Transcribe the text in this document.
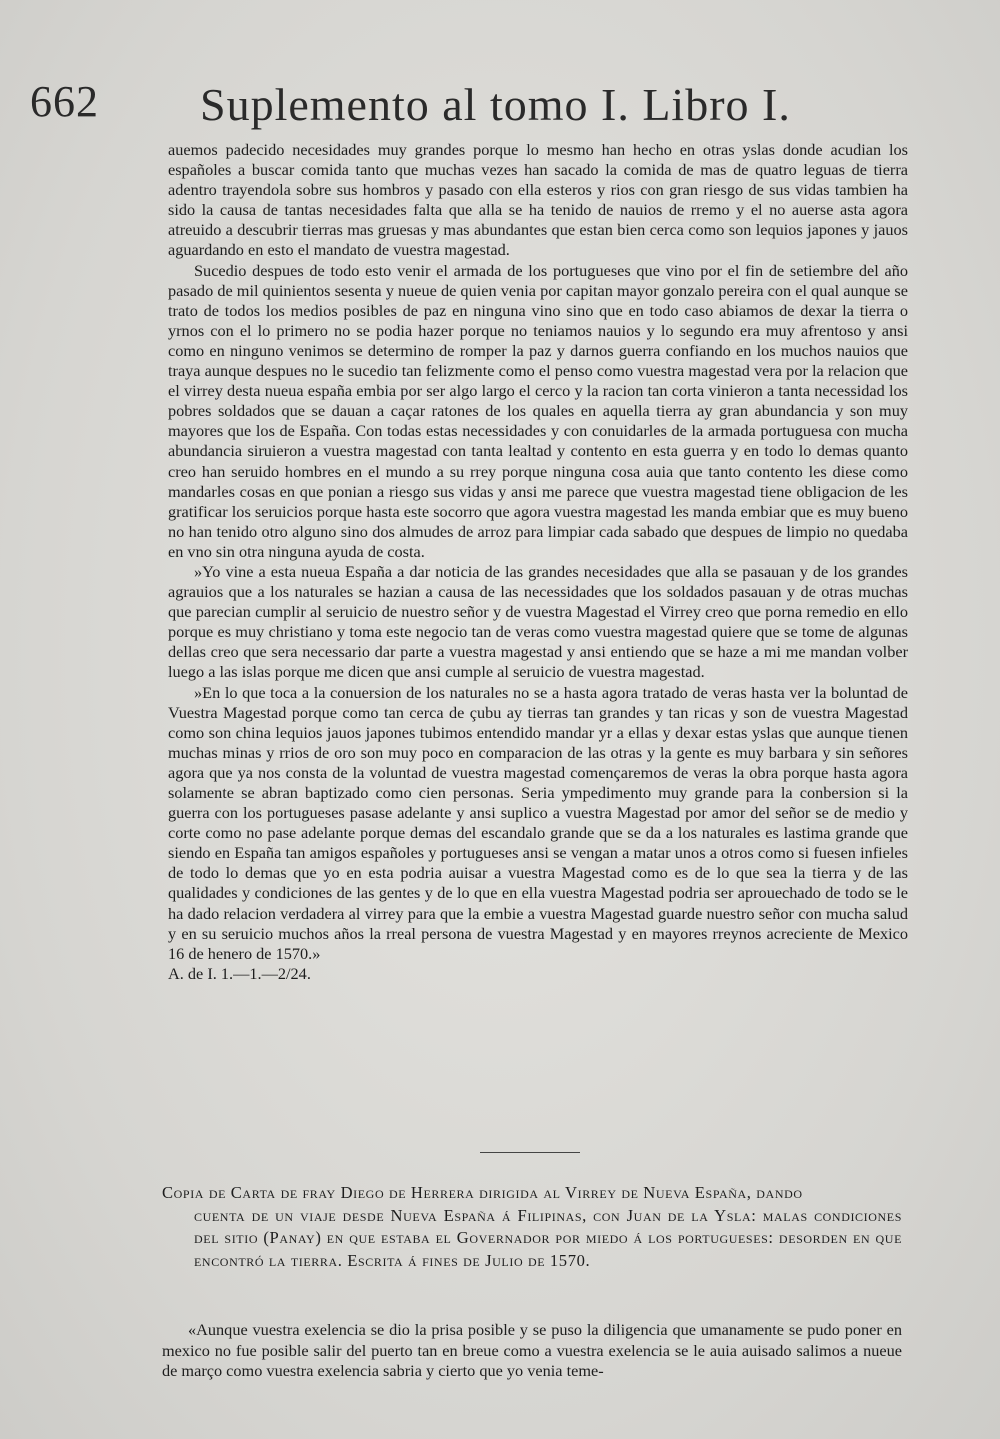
662 Suplemento al tomo I. Libro I.

auemos padecido necesidades muy grandes porque lo mesmo han hecho en otras yslas donde acudian los españoles a buscar comida tanto que muchas vezes han sacado la comida de mas de quatro leguas de tierra adentro trayendola sobre sus hombros y pasado con ella esteros y rios con gran riesgo de sus vidas tambien ha sido la causa de tantas necesidades falta que alla se ha tenido de nauios de rremo y el no auerse asta agora atreuido a descubrir tierras mas gruesas y mas abundantes que estan bien cerca como son lequios japones y jauos aguardando en esto el mandato de vuestra magestad.

Sucedio despues de todo esto venir el armada de los portugueses que vino por el fin de setiembre del año pasado de mil quinientos sesenta y nueue de quien venia por capitan mayor gonzalo pereira con el qual aunque se trato de todos los medios posibles de paz en ninguna vino sino que en todo caso abiamos de dexar la tierra o yrnos con el lo primero no se podia hazer porque no teniamos nauios y lo segundo era muy afrentoso y ansi como en ninguno venimos se determino de romper la paz y darnos guerra confiando en los muchos nauios que traya aunque despues no le sucedio tan felizmente como el penso como vuestra magestad vera por la relacion que el virrey desta nueua españa embia por ser algo largo el cerco y la racion tan corta vinieron a tanta necessidad los pobres soldados que se dauan a caçar ratones de los quales en aquella tierra ay gran abundancia y son muy mayores que los de España. Con todas estas necessidades y con conuidarles de la armada portuguesa con mucha abundancia siruieron a vuestra magestad con tanta lealtad y contento en esta guerra y en todo lo demas quanto creo han seruido hombres en el mundo a su rrey porque ninguna cosa auia que tanto contento les diese como mandarles cosas en que ponian a riesgo sus vidas y ansi me parece que vuestra magestad tiene obligacion de les gratificar los seruicios porque hasta este socorro que agora vuestra magestad les manda embiar que es muy bueno no han tenido otro alguno sino dos almudes de arroz para limpiar cada sabado que despues de limpio no quedaba en vno sin otra ninguna ayuda de costa.

»Yo vine a esta nueua España a dar noticia de las grandes necesidades que alla se pasauan y de los grandes agrauios que a los naturales se hazian a causa de las necessidades que los soldados pasauan y de otras muchas que parecian cumplir al seruicio de nuestro señor y de vuestra Magestad el Virrey creo que porna remedio en ello porque es muy christiano y toma este negocio tan de veras como vuestra magestad quiere que se tome de algunas dellas creo que sera necessario dar parte a vuestra magestad y ansi entiendo que se haze a mi me mandan volber luego a las islas porque me dicen que ansi cumple al seruicio de vuestra magestad.

»En lo que toca a la conuersion de los naturales no se a hasta agora tratado de veras hasta ver la boluntad de Vuestra Magestad porque como tan cerca de çubu ay tierras tan grandes y tan ricas y son de vuestra Magestad como son china lequios jauos japones tubimos entendido mandar yr a ellas y dexar estas yslas que aunque tienen muchas minas y rrios de oro son muy poco en comparacion de las otras y la gente es muy barbara y sin señores agora que ya nos consta de la voluntad de vuestra magestad començaremos de veras la obra porque hasta agora solamente se abran baptizado como cien personas. Seria ympedimento muy grande para la conbersion si la guerra con los portugueses pasase adelante y ansi suplico a vuestra Magestad por amor del señor se de medio y corte como no pase adelante porque demas del escandalo grande que se da a los naturales es lastima grande que siendo en España tan amigos españoles y portugueses ansi se vengan a matar unos a otros como si fuesen infieles de todo lo demas que yo en esta podria auisar a vuestra Magestad como es de lo que sea la tierra y de las qualidades y condiciones de las gentes y de lo que en ella vuestra Magestad podria ser aprouechado de todo se le ha dado relacion verdadera al virrey para que la embie a vuestra Magestad guarde nuestro señor con mucha salud y en su seruicio muchos años la rreal persona de vuestra Magestad y en mayores rreynos acreciente de Mexico 16 de henero de 1570.»

A. de I. 1.—1.—2/24.
Copia de Carta de fray Diego de Herrera dirigida al Virrey de Nueva España, dando
cuenta de un viaje desde Nueva España á Filipinas, con Juan de la Ysla: malas condiciones del sitio (Panay) en que estaba el Governador por miedo á los portugueses: desorden en que encontró la tierra. Escrita á fines de Julio de 1570.

«Aunque vuestra exelencia se dio la prisa posible y se puso la diligencia que umanamente se pudo poner en mexico no fue posible salir del puerto tan en breue como a vuestra exelencia se le auia auisado salimos a nueue de março como vuestra exelencia sabria y cierto que yo venia teme-
